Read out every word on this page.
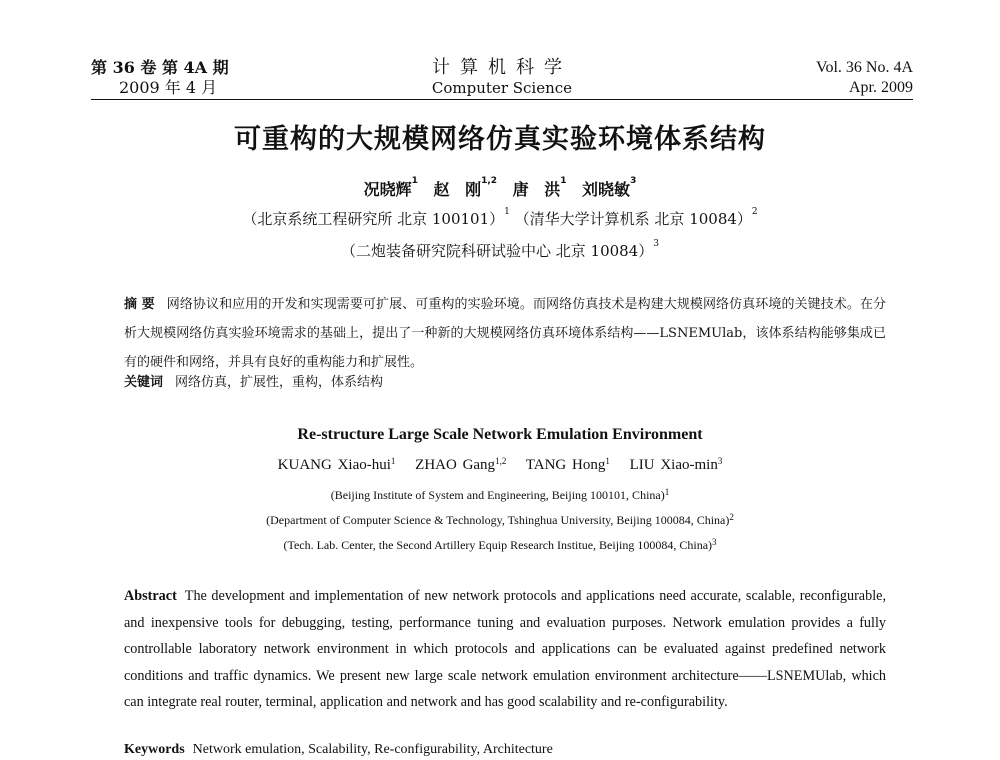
第 36 卷 第 4A 期
2009 年 4 月
计算机科学
Computer Science
Vol. 36 No. 4A
Apr. 2009
可重构的大规模网络仿真实验环境体系结构
况晓辉$^1$ 赵 刚$^{1,2}$ 唐 洪$^1$ 刘晓敏$^3$
（北京系统工程研究所 北京 100101）$^1$ （清华大学计算机系 北京 10084）$^2$
（二炮装备研究院科研试验中心 北京 10084）$^3$
摘 要 网络协议和应用的开发和实现需要可扩展、可重构的实验环境。而网络仿真技术是构建大规模网络仿真环境的关键技术。在分析大规模网络仿真实验环境需求的基础上，提出了一种新的大规模网络仿真环境体系结构——LSNEMUlab，该体系结构能够集成已有的硬件和网络，并具有良好的重构能力和扩展性。
关键词 网络仿真，扩展性，重构，体系结构
Re-structure Large Scale Network Emulation Environment
KUANG Xiao-hui$^1$ ZHAO Gang$^{1,2}$ TANG Hong$^1$ LIU Xiao-$\min^3$
(Beijing Institute of System and Engineering, Beijing 100101, China)$^1$
(Department of Computer Science & Technology, Tshinghua University, Beijing 100084, China)$^2$
(Tech. Lab. Center, the Second Artillery Equip Research Institue, Beijing 100084, China)$^3$
Abstract The development and implementation of new network protocols and applications need accurate, scalable, reconfigurable, and inexpensive tools for debugging, testing, performance tuning and evaluation purposes. Network emulation provides a fully controllable laboratory network environment in which protocols and applications can be evaluated against predefined network conditions and traffic dynamics. We present new large scale network emulation environment architecture——LSNEMUlab, which can integrate real router, terminal, application and network and has good scalability and re-configurability.
Keywords Network emulation, Scalability, Re-configurability, Architecture
